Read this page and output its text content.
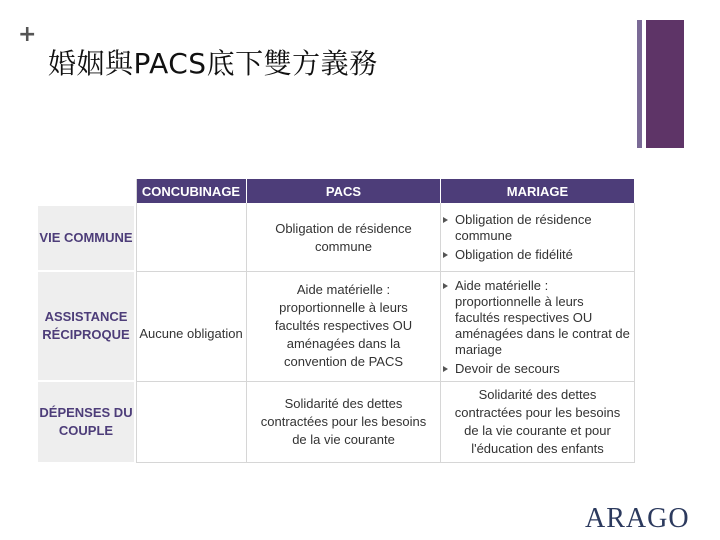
+
婚姻與PACS底下雙方義務
CONCUBINAGE	PACS	MARIAGE
VIE COMMUNE
ASSISTANCE RÉCIPROQUE
DÉPENSES DU COUPLE
Aucune obligation
Obligation de résidence commune
Aide matérielle : proportionnelle à leurs facultés respectives OU aménagées dans la convention de PACS
Solidarité des dettes contractées pour les besoins de la vie courante
Obligation de résidence commune
Obligation de fidélité
Aide matérielle : proportionnelle à leurs facultés respectives OU aménagées dans le contrat de mariage
Devoir de secours
Solidarité des dettes contractées pour les besoins de la vie courante et pour l'éducation des enfants
ARAGO
